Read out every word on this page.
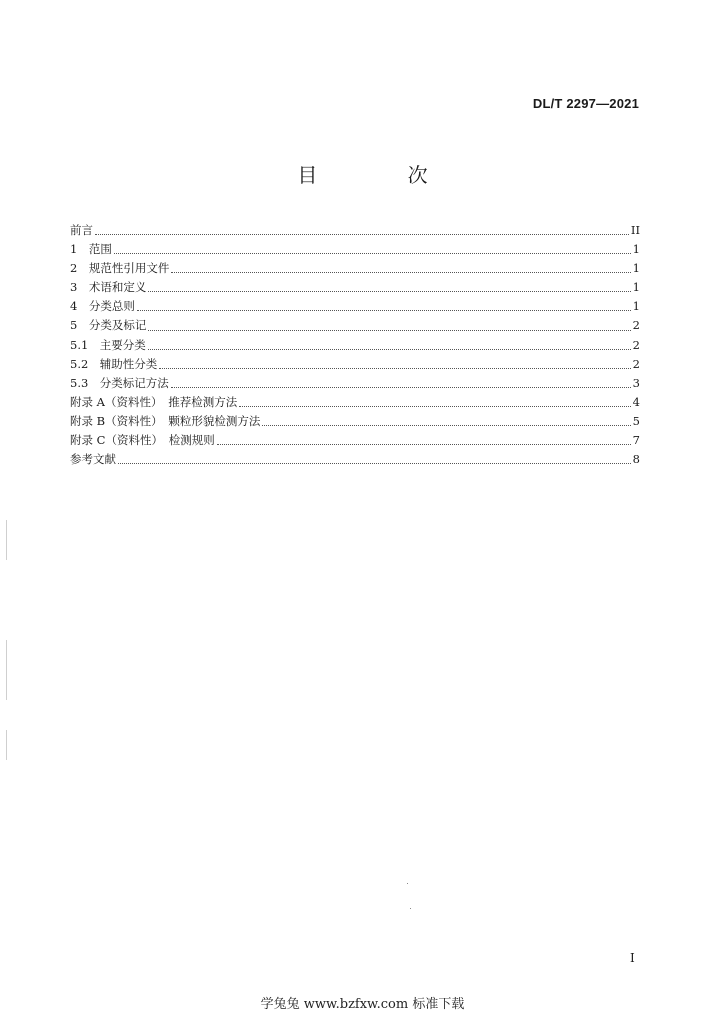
DL/T 2297—2021
目 次
前言	II
1　范围	1
2　规范性引用文件	1
3　术语和定义	1
4　分类总则	1
5　分类及标记	2
5.1　主要分类	2
5.2　辅助性分类	2
5.3　分类标记方法	3
附录 A（资料性）　推荐检测方法	4
附录 B（资料性）　颗粒形貌检测方法	5
附录 C（资料性）　检测规则	7
参考文献	8
I
学兔兔 www.bzfxw.com 标准下载
